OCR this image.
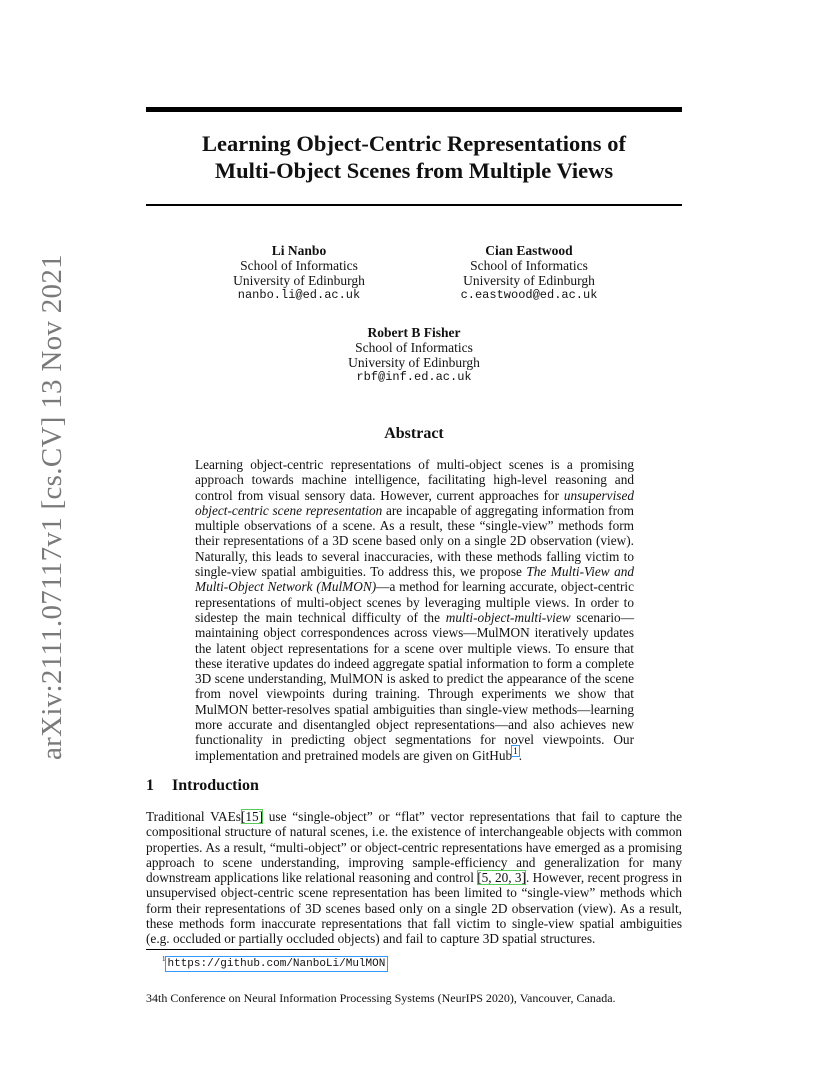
arXiv:2111.07117v1 [cs.CV] 13 Nov 2021
Learning Object-Centric Representations of
Multi-Object Scenes from Multiple Views
Li Nanbo
School of Informatics
University of Edinburgh
nanbo.li@ed.ac.uk
Cian Eastwood
School of Informatics
University of Edinburgh
c.eastwood@ed.ac.uk
Robert B Fisher
School of Informatics
University of Edinburgh
rbf@inf.ed.ac.uk
Abstract

Learning object-centric representations of multi-object scenes is a promising approach towards machine intelligence, facilitating high-level reasoning and control from visual sensory data. However, current approaches for unsupervised object-centric scene representation are incapable of aggregating information from multiple observations of a scene. As a result, these “single-view” methods form their representations of a 3D scene based only on a single 2D observation (view). Naturally, this leads to several inaccuracies, with these methods falling victim to single-view spatial ambiguities. To address this, we propose The Multi-View and Multi-Object Network (MulMON)—a method for learning accurate, object-centric representations of multi-object scenes by leveraging multiple views. In order to sidestep the main technical difficulty of the multi-object-multi-view scenario—maintaining object correspondences across views—MulMON iteratively updates the latent object representations for a scene over multiple views. To ensure that these iterative updates do indeed aggregate spatial information to form a complete 3D scene understanding, MulMON is asked to predict the appearance of the scene from novel viewpoints during training. Through experiments we show that MulMON better-resolves spatial ambiguities than single-view methods—learning more accurate and disentangled object representations—and also achieves new functionality in predicting object segmentations for novel viewpoints. Our implementation and pretrained models are given on GitHub$^1$.

1 Introduction

Traditional VAEs[15] use “single-object” or “flat” vector representations that fail to capture the compositional structure of natural scenes, i.e. the existence of interchangeable objects with common properties. As a result, “multi-object” or object-centric representations have emerged as a promising approach to scene understanding, improving sample-efficiency and generalization for many downstream applications like relational reasoning and control [5, 20, 3]. However, recent progress in unsupervised object-centric scene representation has been limited to “single-view” methods which form their representations of 3D scenes based only on a single 2D observation (view). As a result, these methods form inaccurate representations that fall victim to single-view spatial ambiguities (e.g. occluded or partially occluded objects) and fail to capture 3D spatial structures.

$^1$ https://github.com/NanboLi/MulMON
34th Conference on Neural Information Processing Systems (NeurIPS 2020), Vancouver, Canada.
